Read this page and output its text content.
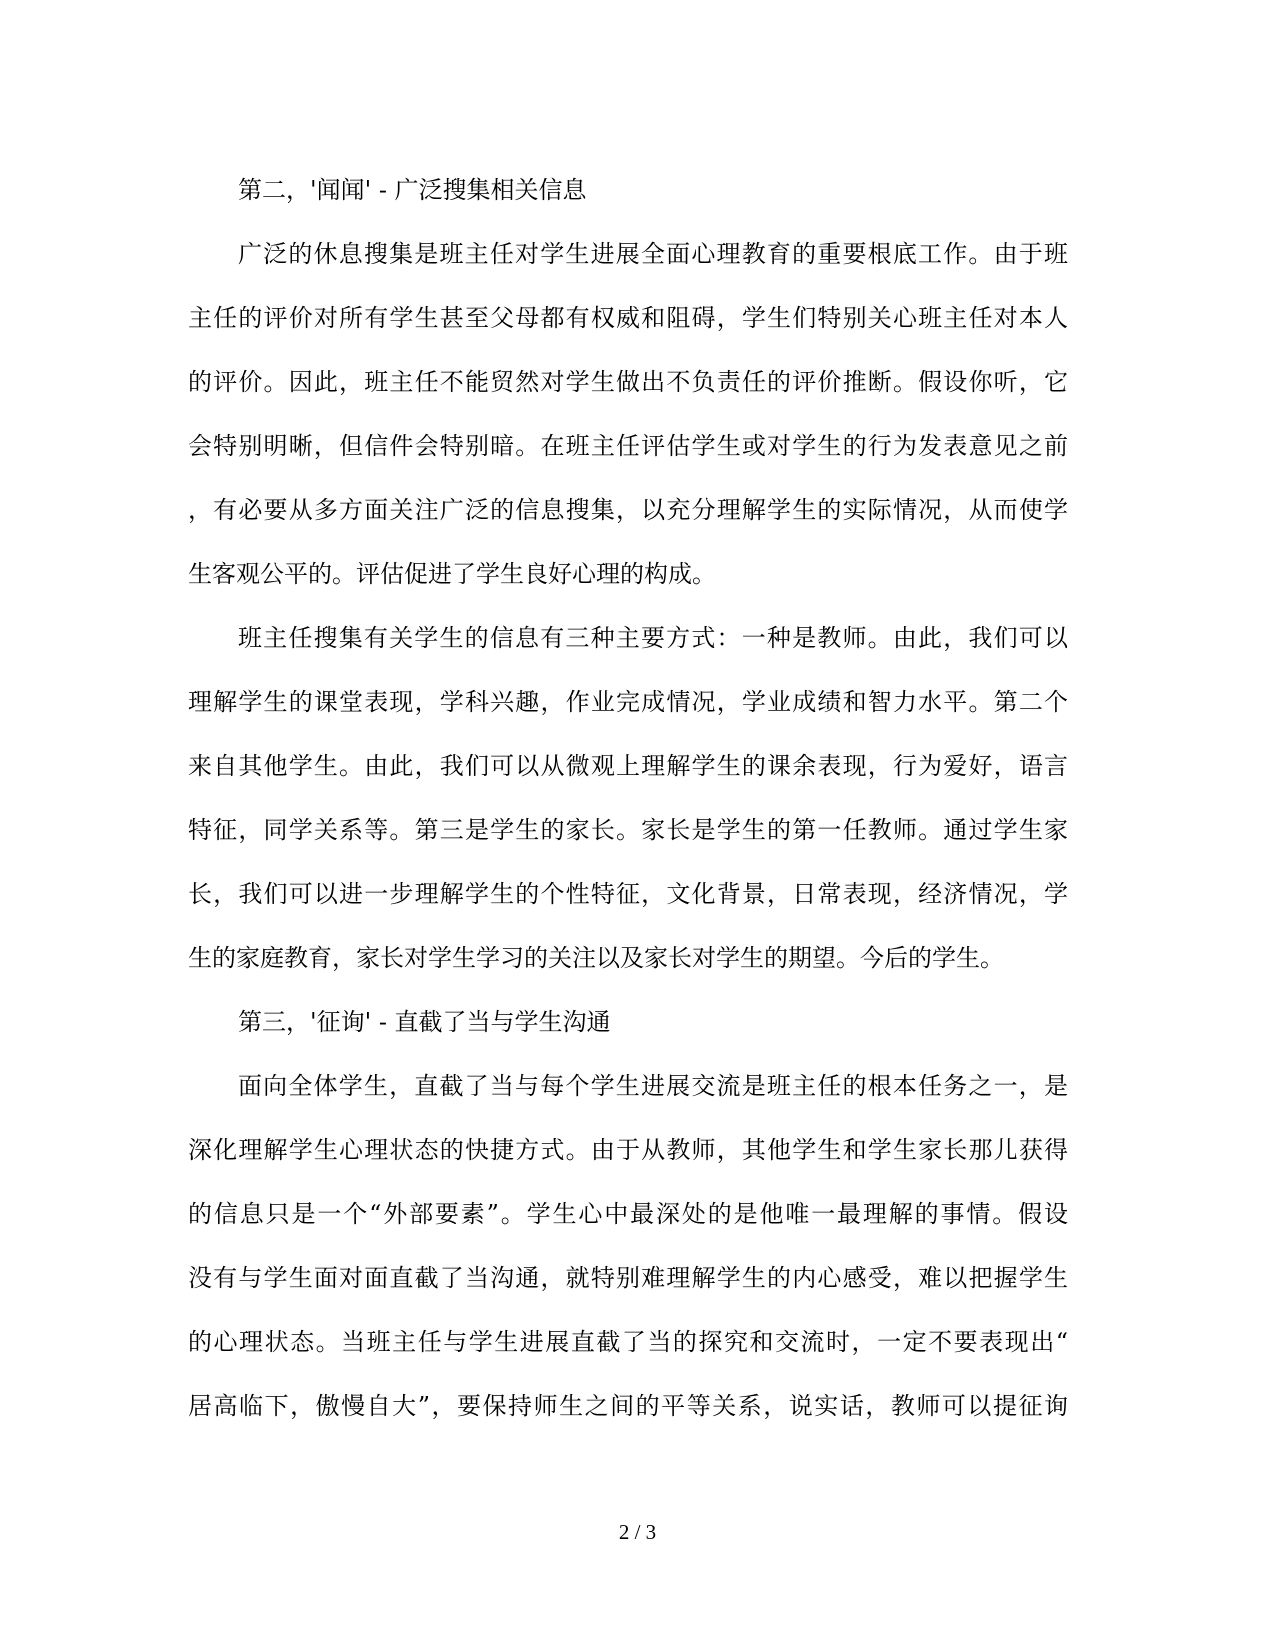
第二，'闻闻' - 广泛搜集相关信息
广泛的休息搜集是班主任对学生进展全面心理教育的重要根底工作。由于班
主任的评价对所有学生甚至父母都有权威和阻碍，学生们特别关心班主任对本人
的评价。因此，班主任不能贸然对学生做出不负责任的评价推断。假设你听，它
会特别明晰，但信件会特别暗。在班主任评估学生或对学生的行为发表意见之前
，有必要从多方面关注广泛的信息搜集，以充分理解学生的实际情况，从而使学
生客观公平的。评估促进了学生良好心理的构成。
班主任搜集有关学生的信息有三种主要方式：一种是教师。由此，我们可以
理解学生的课堂表现，学科兴趣，作业完成情况，学业成绩和智力水平。第二个
来自其他学生。由此，我们可以从微观上理解学生的课余表现，行为爱好，语言
特征，同学关系等。第三是学生的家长。家长是学生的第一任教师。通过学生家
长，我们可以进一步理解学生的个性特征，文化背景，日常表现，经济情况，学
生的家庭教育，家长对学生学习的关注以及家长对学生的期望。今后的学生。
第三，'征询' - 直截了当与学生沟通
面向全体学生，直截了当与每个学生进展交流是班主任的根本任务之一，是
深化理解学生心理状态的快捷方式。由于从教师，其他学生和学生家长那儿获得
的信息只是一个“外部要素”。学生心中最深处的是他唯一最理解的事情。假设
没有与学生面对面直截了当沟通，就特别难理解学生的内心感受，难以把握学生
的心理状态。当班主任与学生进展直截了当的探究和交流时，一定不要表现出“
居高临下，傲慢自大”，要保持师生之间的平等关系，说实话，教师可以提征询
2 / 3
